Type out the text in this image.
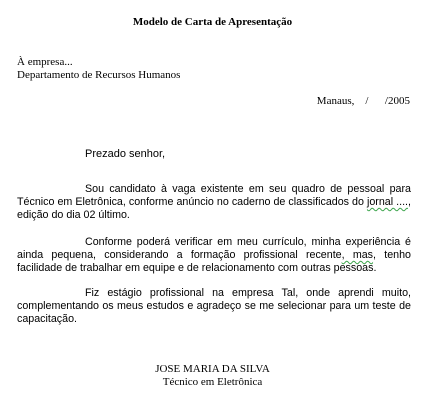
Modelo de Carta de Apresentação
À empresa...
Departamento de Recursos Humanos
Manaus,    /      /2005
Prezado senhor,
Sou candidato à vaga existente em seu quadro de pessoal para Técnico em Eletrônica, conforme anúncio no caderno de classificados do jornal ...., edição do dia 02 último.
Conforme poderá verificar em meu currículo, minha experiência é ainda pequena, considerando a formação profissional recente, mas, tenho facilidade de trabalhar em equipe e de relacionamento com outras pessoas.
Fiz estágio profissional na empresa Tal, onde aprendi muito, complementando os meus estudos e agradeço se me selecionar para um teste de capacitação.
JOSE MARIA DA SILVA
Técnico em Eletrônica
